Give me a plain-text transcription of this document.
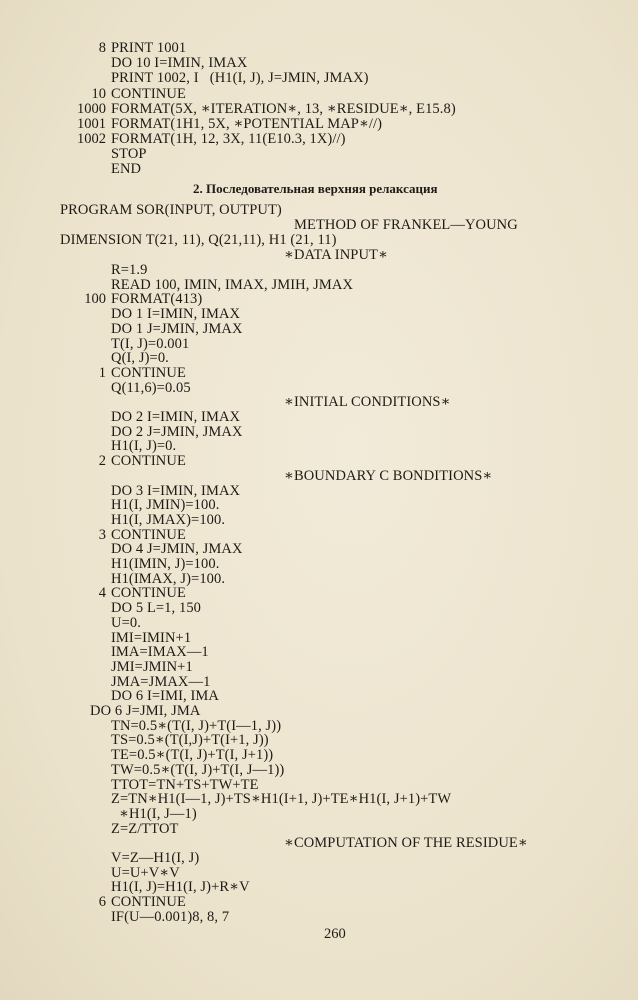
8 PRINT 1001
DO 10 I=IMIN, IMAX
PRINT 1002, I   (H1(I, J), J=JMIN, JMAX)
10 CONTINUE
1000 FORMAT(5X, ∗ITERATION∗, 13, ∗RESIDUE∗, E15.8)
1001 FORMAT(1H1, 5X, ∗POTENTIAL MAP∗//)
1002 FORMAT(1H, 12, 3X, 11(E10.3, 1X)//)
STOP
END
2. Последовательная верхняя релаксация
PROGRAM SOR(INPUT, OUTPUT)
METHOD OF FRANKEL—YOUNG
DIMENSION T(21, 11), Q(21,11), H1 (21, 11)
∗DATA INPUT∗
R=1.9
READ 100, IMIN, IMAX, JMIH, JMAX
100 FORMAT(413)
DO 1 I=IMIN, IMAX
DO 1 J=JMIN, JMAX
T(I, J)=0.001
Q(I, J)=0.
1 CONTINUE
Q(11,6)=0.05
∗INITIAL CONDITIONS∗
DO 2 I=IMIN, IMAX
DO 2 J=JMIN, JMAX
H1(I, J)=0.
2 CONTINUE
∗BOUNDARY C BONDITIONS∗
DO 3 I=IMIN, IMAX
H1(I, JMIN)=100.
H1(I, JMAX)=100.
3 CONTINUE
DO 4 J=JMIN, JMAX
H1(IMIN, J)=100.
H1(IMAX, J)=100.
4 CONTINUE
DO 5 L=1, 150
U=0.
IMI=IMIN+1
IMA=IMAX—1
JMI=JMIN+1
JMA=JMAX—1
DO 6 I=IMI, IMA
DO 6 J=JMI, JMA
TN=0.5∗(T(I, J)+T(I—1, J))
TS=0.5∗(T(I,J)+T(I+1, J))
TE=0.5∗(T(I, J)+T(I, J+1))
TW=0.5∗(T(I, J)+T(I, J—1))
TTOT=TN+TS+TW+TE
Z=TN∗H1(I—1, J)+TS∗H1(I+1, J)+TE∗H1(I, J+1)+TW
∗H1(I, J—1)
Z=Z/TTOT
∗COMPUTATION OF THE RESIDUE∗
V=Z—H1(I, J)
U=U+V∗V
H1(I, J)=H1(I, J)+R∗V
6 CONTINUE
IF(U—0.001)8, 8, 7
260
